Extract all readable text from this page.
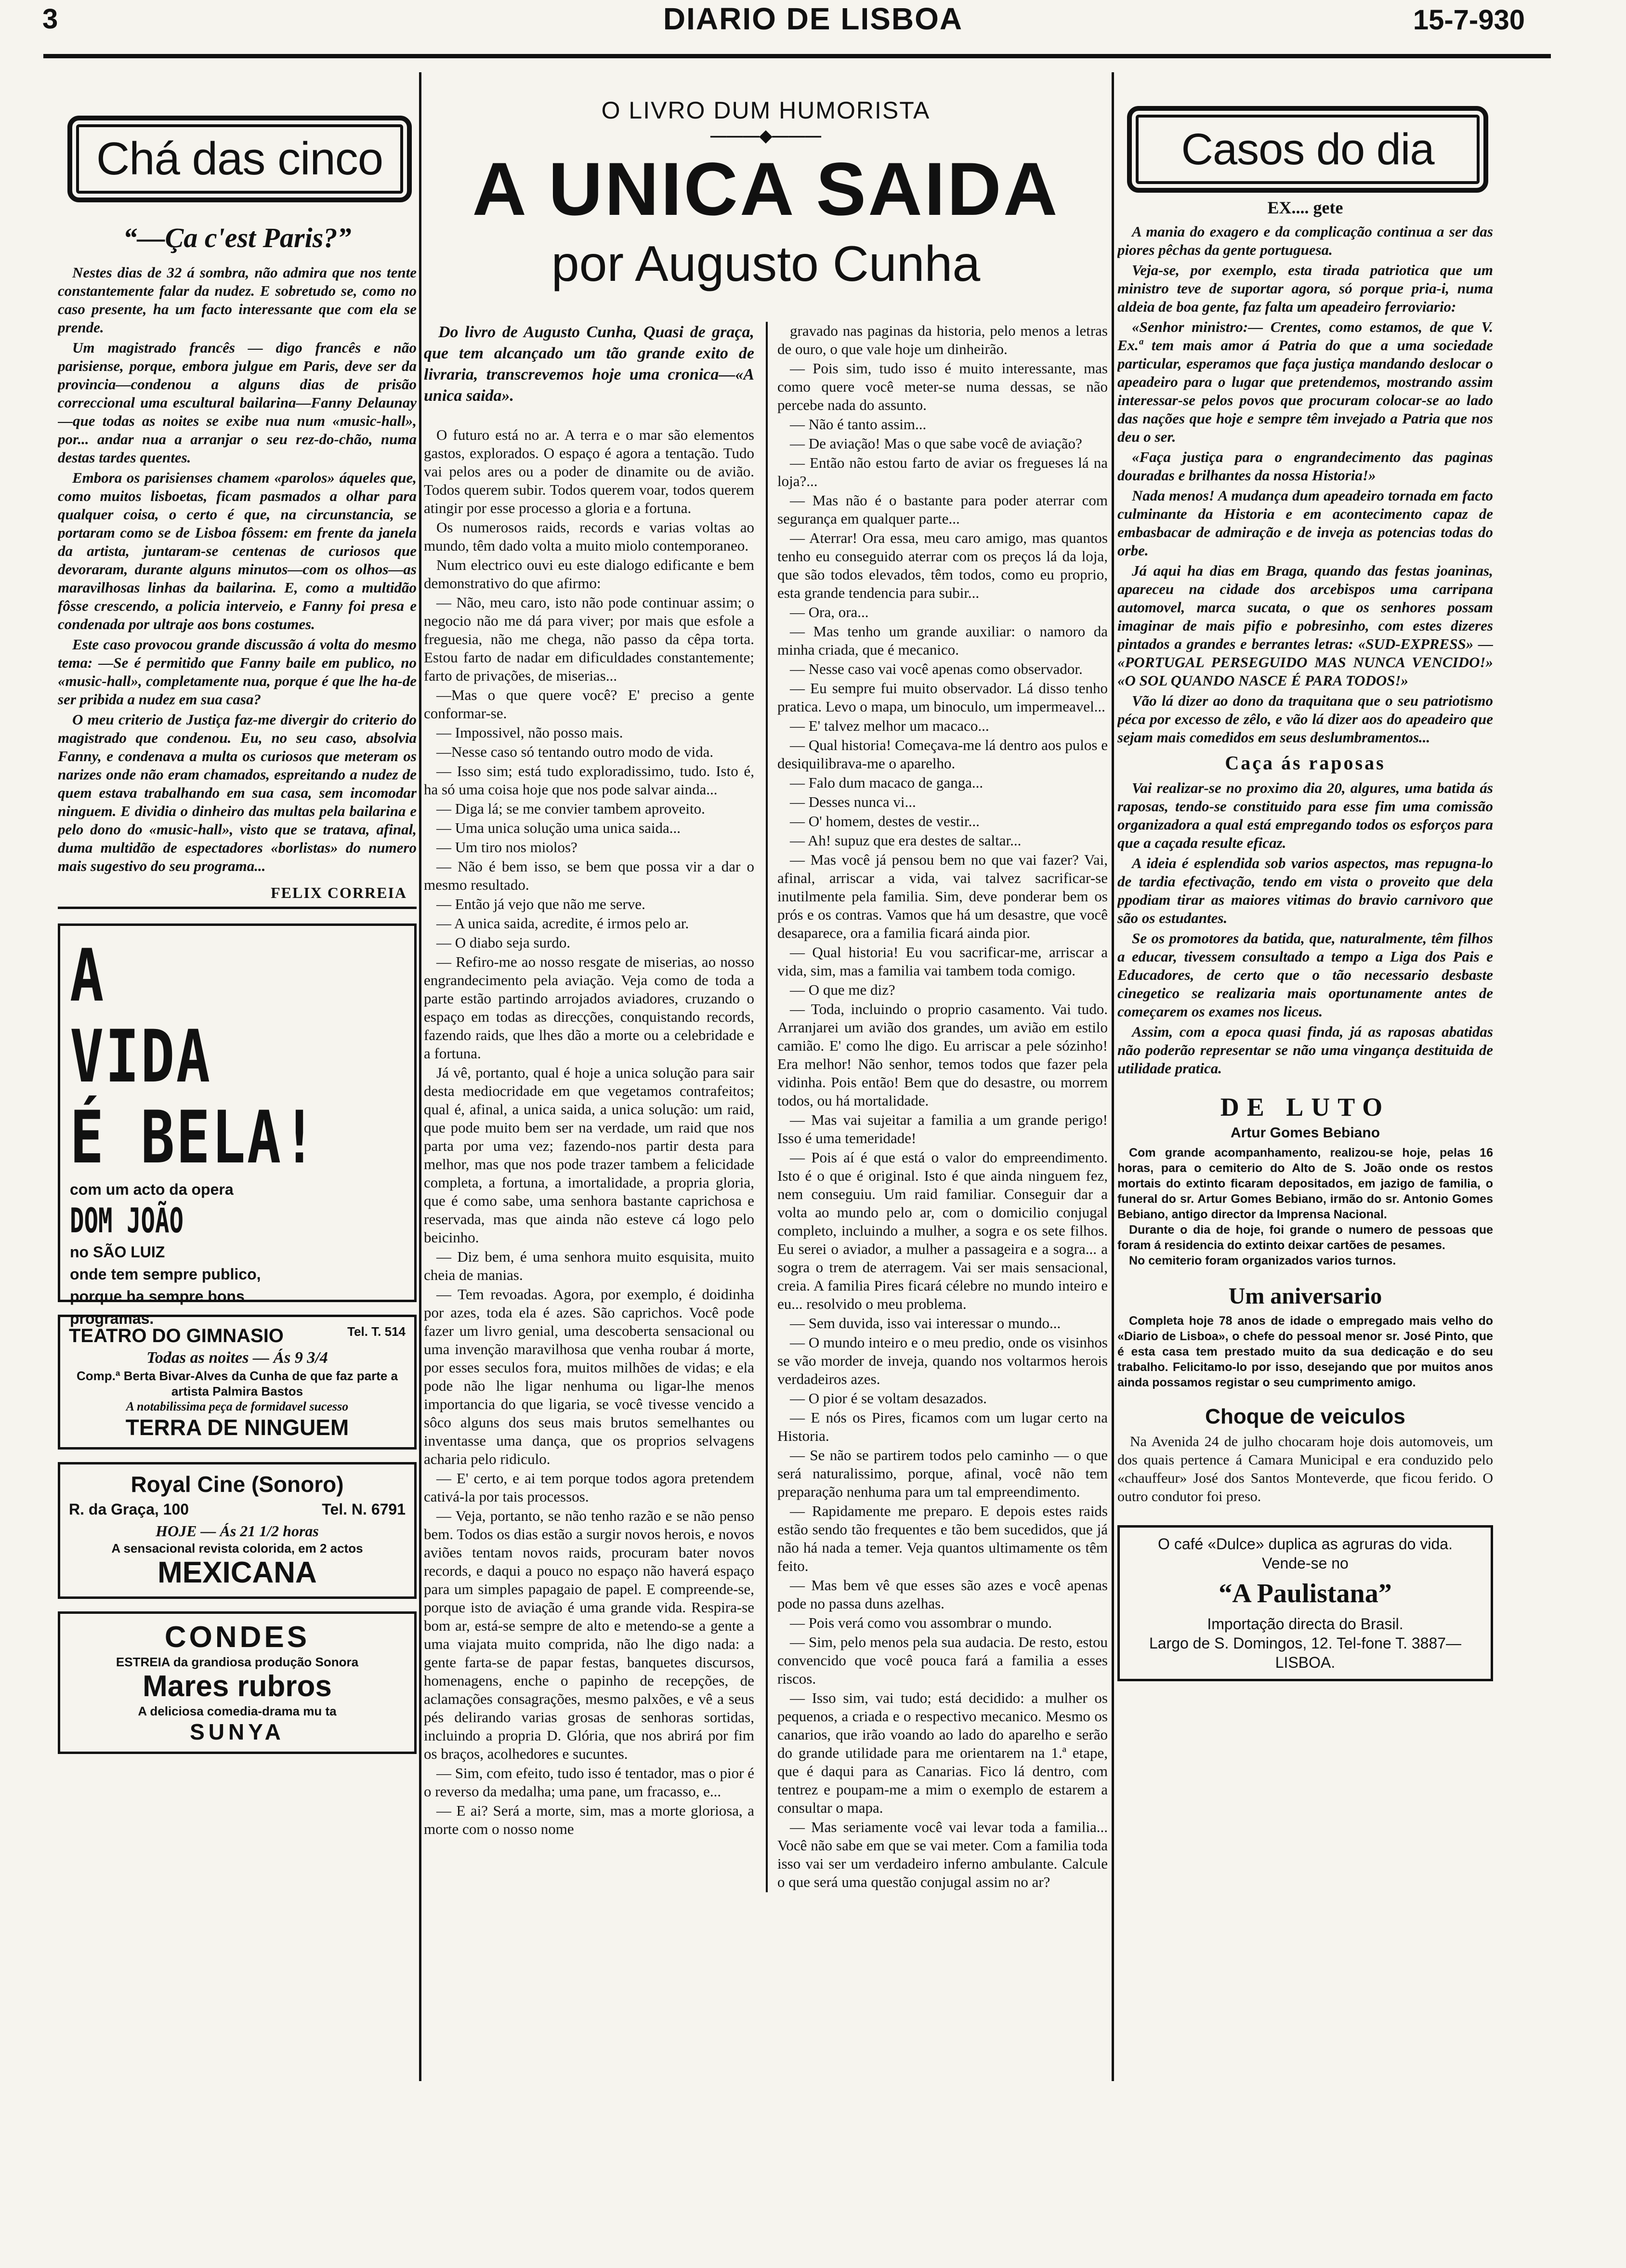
3	DIARIO DE LISBOA	15-7-930
Chá das cinco
“—Ça c'est Paris?”

Nestes dias de 32 á sombra, não admira que nos tente constantemente falar da nudez. E sobretudo se, como no caso presente, ha um facto interessante que com ela se prende.

Um magistrado francês — digo francês e não parisiense, porque, embora julgue em Paris, deve ser da provincia—condenou a alguns dias de prisão correccional uma escultural bailarina—Fanny Delaunay —que todas as noites se exibe nua num «music-hall», por... andar nua a arranjar o seu rez-do-chão, numa destas tardes quentes.

Embora os parisienses chamem «parolos» áqueles que, como muitos lisboetas, ficam pasmados a olhar para qualquer coisa, o certo é que, na circunstancia, se portaram como se de Lisboa fôssem: em frente da janela da artista, juntaram-se centenas de curiosos que devoraram, durante alguns minutos—com os olhos—as maravilhosas linhas da bailarina. E, como a multidão fôsse crescendo, a policia interveio, e Fanny foi presa e condenada por ultraje aos bons costumes.

Este caso provocou grande discussão á volta do mesmo tema: —Se é permitido que Fanny baile em publico, no «music-hall», completamente nua, porque é que lhe ha-de ser pribida a nudez em sua casa?

O meu criterio de Justiça faz-me divergir do criterio do magistrado que condenou. Eu, no seu caso, absolvia Fanny, e condenava a multa os curiosos que meteram os narizes onde não eram chamados, espreitando a nudez de quem estava trabalhando em sua casa, sem incomodar ninguem. E dividia o dinheiro das multas pela bailarina e pelo dono do «music-hall», visto que se tratava, afinal, duma multidão de espectadores «borlistas» do numero mais sugestivo do seu programa...

FELIX CORREIA
A
VIDA
É BELA!
com um acto da opera
DOM JOÃO
no SÃO LUIZ
onde tem sempre publico,
porque ha sempre bons
programas.
TEATRO DO GIMNASIO	Tel. T. 514
Todas as noites — Ás 9 3/4
Comp.ª Berta Bivar-Alves da Cunha de que faz parte a artista Palmira Bastos
A notabilissima peça de formidavel sucesso
TERRA DE NINGUEM
Royal Cine (Sonoro)
R. da Graça, 100	Tel. N. 6791
HOJE — Ás 21 1/2 horas
A sensacional revista colorida, em 2 actos
MEXICANA
CONDES
ESTREIA da grandiosa produção Sonora
Mares rubros
A deliciosa comedia-drama mu ta
SUNYA
O LIVRO DUM HUMORISTA
———◆———
A UNICA SAIDA
por Augusto Cunha
Do livro de Augusto Cunha, Quasi de graça, que tem alcançado um tão grande exito de livraria, transcrevemos hoje uma cronica—«A unica saida».

O futuro está no ar. A terra e o mar são elementos gastos, explorados. O espaço é agora a tentação. Tudo vai pelos ares ou a poder de dinamite ou de avião. Todos querem subir. Todos querem voar, todos querem atingir por esse processo a gloria e a fortuna.

Os numerosos raids, records e varias voltas ao mundo, têm dado volta a muito miolo contemporaneo.

Num electrico ouvi eu este dialogo edificante e bem demonstrativo do que afirmo:

— Não, meu caro, isto não pode continuar assim; o negocio não me dá para viver; por mais que esfole a freguesia, não me chega, não passo da cêpa torta. Estou farto de nadar em dificuldades constantemente; farto de privações, de miserias...

—Mas o que quere você? E' preciso a gente conformar-se.

— Impossivel, não posso mais.

—Nesse caso só tentando outro modo de vida.

— Isso sim; está tudo exploradissimo, tudo. Isto é, ha só uma coisa hoje que nos pode salvar ainda...

— Diga lá; se me convier tambem aproveito.

— Uma unica solução uma unica saida...

— Um tiro nos miolos?

— Não é bem isso, se bem que possa vir a dar o mesmo resultado.

— Então já vejo que não me serve.

— A unica saida, acredite, é irmos pelo ar.

— O diabo seja surdo.

— Refiro-me ao nosso resgate de miserias, ao nosso engrandecimento pela aviação. Veja como de toda a parte estão partindo arrojados aviadores, cruzando o espaço em todas as direcções, conquistando records, fazendo raids, que lhes dão a morte ou a celebridade e a fortuna.

Já vê, portanto, qual é hoje a unica solução para sair desta mediocridade em que vegetamos contrafeitos; qual é, afinal, a unica saida, a unica solução: um raid, que pode muito bem ser na verdade, um raid que nos parta por uma vez; fazendo-nos partir desta para melhor, mas que nos pode trazer tambem a felicidade completa, a fortuna, a imortalidade, a propria gloria, que é como sabe, uma senhora bastante caprichosa e reservada, mas que ainda não esteve cá logo pelo beicinho.

— Diz bem, é uma senhora muito esquisita, muito cheia de manias.

— Tem revoadas. Agora, por exemplo, é doidinha por azes, toda ela é azes. São caprichos. Você pode fazer um livro genial, uma descoberta sensacional ou uma invenção maravilhosa que venha roubar á morte, por esses seculos fora, muitos milhões de vidas; e ela pode não lhe ligar nenhuma ou ligar-lhe menos importancia do que ligaria, se você tivesse vencido a sôco alguns dos seus mais brutos semelhantes ou inventasse uma dança, que os proprios selvagens acharia pelo ridiculo.

— E' certo, e ai tem porque todos agora pretendem cativá-la por tais processos.

— Veja, portanto, se não tenho razão e se não penso bem. Todos os dias estão a surgir novos herois, e novos aviões tentam novos raids, procuram bater novos records, e daqui a pouco no espaço não haverá espaço para um simples papagaio de papel. E compreende-se, porque isto de aviação é uma grande vida. Respira-se bom ar, está-se sempre de alto e metendo-se a gente a uma viajata muito comprida, não lhe digo nada: a gente farta-se de papar festas, banquetes discursos, homenagens, enche o papinho de recepções, de aclamações consagrações, mesmo palxões, e vê a seus pés delirando varias grosas de senhoras sortidas, incluindo a propria D. Glória, que nos abrirá por fim os braços, acolhedores e sucuntes.

— Sim, com efeito, tudo isso é tentador, mas o pior é o reverso da medalha; uma pane, um fracasso, e...

— E ai? Será a morte, sim, mas a morte gloriosa, a morte com o nosso nome

gravado nas paginas da historia, pelo menos a letras de ouro, o que vale hoje um dinheirão.

— Pois sim, tudo isso é muito interessante, mas como quere você meter-se numa dessas, se não percebe nada do assunto.

— Não é tanto assim...

— De aviação! Mas o que sabe você de aviação?

— Então não estou farto de aviar os fregueses lá na loja?...

— Mas não é o bastante para poder aterrar com segurança em qualquer parte...

— Aterrar! Ora essa, meu caro amigo, mas quantos tenho eu conseguido aterrar com os preços lá da loja, que são todos elevados, têm todos, como eu proprio, esta grande tendencia para subir...

— Ora, ora...

— Mas tenho um grande auxiliar: o namoro da minha criada, que é mecanico.

— Nesse caso vai você apenas como observador.

— Eu sempre fui muito observador. Lá disso tenho pratica. Levo o mapa, um binoculo, um impermeavel...

— E' talvez melhor um macaco...

— Qual historia! Começava-me lá dentro aos pulos e desiquilibrava-me o aparelho.

— Falo dum macaco de ganga...

— Desses nunca vi...

— O' homem, destes de vestir...

— Ah! supuz que era destes de saltar...

— Mas você já pensou bem no que vai fazer? Vai, afinal, arriscar a vida, vai talvez sacrificar-se inutilmente pela familia. Sim, deve ponderar bem os prós e os contras. Vamos que há um desastre, que você desaparece, ora a familia ficará ainda pior.

— Qual historia! Eu vou sacrificar-me, arriscar a vida, sim, mas a familia vai tambem toda comigo.

— O que me diz?

— Toda, incluindo o proprio casamento. Vai tudo. Arranjarei um avião dos grandes, um avião em estilo camião. E' como lhe digo. Eu arriscar a pele sózinho! Era melhor! Não senhor, temos todos que fazer pela vidinha. Pois então! Bem que do desastre, ou morrem todos, ou há mortalidade.

— Mas vai sujeitar a familia a um grande perigo! Isso é uma temeridade!

— Pois aí é que está o valor do empreendimento. Isto é o que é original. Isto é que ainda ninguem fez, nem conseguiu. Um raid familiar. Conseguir dar a volta ao mundo pelo ar, com o domicilio conjugal completo, incluindo a mulher, a sogra e os sete filhos. Eu serei o aviador, a mulher a passageira e a sogra... a sogra o trem de aterragem. Vai ser mais sensacional, creia. A familia Pires ficará célebre no mundo inteiro e eu... resolvido o meu problema.

— Sem duvida, isso vai interessar o mundo...

— O mundo inteiro e o meu predio, onde os visinhos se vão morder de inveja, quando nos voltarmos herois verdadeiros azes.

— O pior é se voltam desazados.

— E nós os Pires, ficamos com um lugar certo na Historia.

— Se não se partirem todos pelo caminho — o que será naturalissimo, porque, afinal, você não tem preparação nenhuma para um tal empreendimento.

— Rapidamente me preparo. E depois estes raids estão sendo tão frequentes e tão bem sucedidos, que já não há nada a temer. Veja quantos ultimamente os têm feito.

— Mas bem vê que esses são azes e você apenas pode no passa duns azelhas.

— Pois verá como vou assombrar o mundo.

— Sim, pelo menos pela sua audacia. De resto, estou convencido que você pouca fará a familia a esses riscos.

— Isso sim, vai tudo; está decidido: a mulher os pequenos, a criada e o respectivo mecanico. Mesmo os canarios, que irão voando ao lado do aparelho e serão do grande utilidade para me orientarem na 1.ª etape, que é daqui para as Canarias. Fico lá dentro, com tentrez e poupam-me a mim o exemplo de estarem a consultar o mapa.

— Mas seriamente você vai levar toda a familia... Você não sabe em que se vai meter. Com a familia toda isso vai ser um verdadeiro inferno ambulante. Calcule o que será uma questão conjugal assim no ar?

Casos do dia
EX.... gete

A mania do exagero e da complicação continua a ser das piores pêchas da gente portuguesa.

Veja-se, por exemplo, esta tirada patriotica que um ministro teve de suportar agora, só porque pria-i, numa aldeia de boa gente, faz falta um apeadeiro ferroviario:

«Senhor ministro:— Crentes, como estamos, de que V. Ex.ª tem mais amor á Patria do que a uma sociedade particular, esperamos que faça justiça mandando deslocar o apeadeiro para o lugar que pretendemos, mostrando assim interessar-se pelos povos que procuram colocar-se ao lado das nações que hoje e sempre têm invejado a Patria que nos deu o ser.

«Faça justiça para o engrandecimento das paginas douradas e brilhantes da nossa Historia!»

Nada menos! A mudança dum apeadeiro tornada em facto culminante da Historia e em acontecimento capaz de embasbacar de admiração e de inveja as potencias todas do orbe.

Já aqui ha dias em Braga, quando das festas joaninas, apareceu na cidade dos arcebispos uma carripana automovel, marca sucata, o que os senhores possam imaginar de mais pifio e pobresinho, com estes dizeres pintados a grandes e berrantes letras: «SUD-EXPRESS» — «PORTUGAL PERSEGUIDO MAS NUNCA VENCIDO!» «O SOL QUANDO NASCE É PARA TODOS!»

Vão lá dizer ao dono da traquitana que o seu patriotismo péca por excesso de zêlo, e vão lá dizer aos do apeadeiro que sejam mais comedidos em seus deslumbramentos...

Caça ás raposas

Vai realizar-se no proximo dia 20, algures, uma batida ás raposas, tendo-se constituido para esse fim uma comissão organizadora a qual está empregando todos os esforços para que a caçada resulte eficaz.

A ideia é esplendida sob varios aspectos, mas repugna-lo de tardia efectivação, tendo em vista o proveito que dela ppodiam tirar as maiores vitimas do bravio carnivoro que são os estudantes.

Se os promotores da batida, que, naturalmente, têm filhos a educar, tivessem consultado a tempo a Liga dos Pais e Educadores, de certo que o tão necessario desbaste cinegetico se realizaria mais oportunamente antes de começarem os exames nos liceus.

Assim, com a epoca quasi finda, já as raposas abatidas não poderão representar se não uma vingança destituida de utilidade pratica.

DE LUTO
Artur Gomes Bebiano

Com grande acompanhamento, realizou-se hoje, pelas 16 horas, para o cemiterio do Alto de S. João onde os restos mortais do extinto ficaram depositados, em jazigo de familia, o funeral do sr. Artur Gomes Bebiano, irmão do sr. Antonio Gomes Bebiano, antigo director da Imprensa Nacional.

Durante o dia de hoje, foi grande o numero de pessoas que foram á residencia do extinto deixar cartões de pesames.

No cemiterio foram organizados varios turnos.

Um aniversario

Completa hoje 78 anos de idade o empregado mais velho do «Diario de Lisboa», o chefe do pessoal menor sr. José Pinto, que é esta casa tem prestado muito da sua dedicação e do seu trabalho. Felicitamo-lo por isso, desejando que por muitos anos ainda possamos registar o seu cumprimento amigo.

Choque de veiculos

Na Avenida 24 de julho chocaram hoje dois automoveis, um dos quais pertence á Camara Municipal e era conduzido pelo «chauffeur» José dos Santos Monteverde, que ficou ferido. O outro condutor foi preso.

O café «Dulce» duplica as agruras do vida. Vende-se no
“A Paulistana”
Importação directa do Brasil.
Largo de S. Domingos, 12. Tel-fone T. 3887—LISBOA.
